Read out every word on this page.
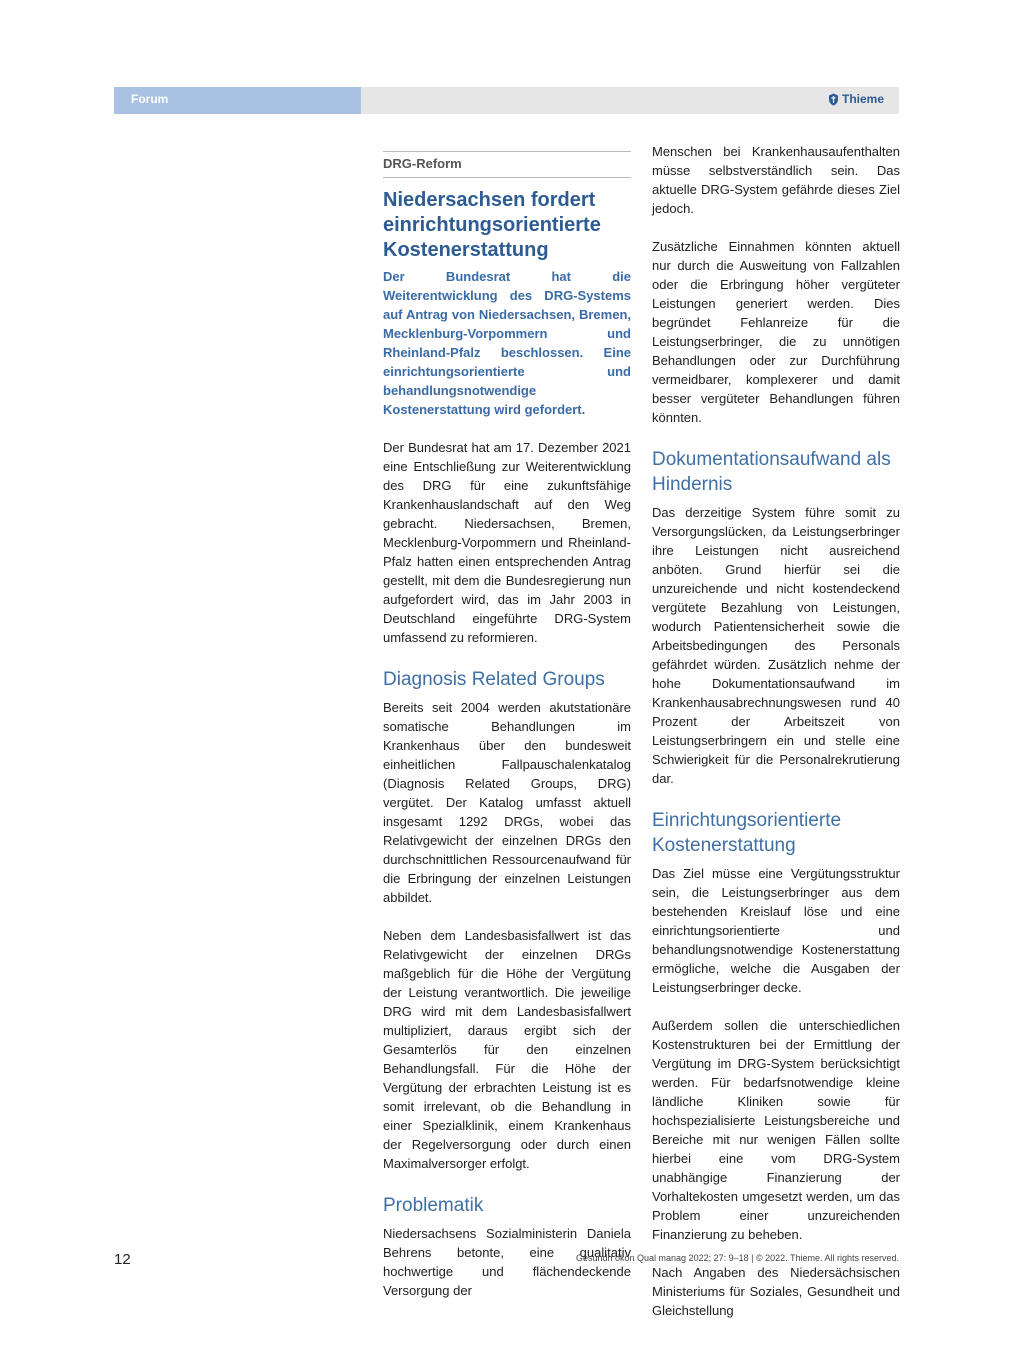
Forum	Thieme
DRG-Reform
Niedersachsen fordert einrichtungsorientierte Kostenerstattung

Der Bundesrat hat die Weiterentwicklung des DRG-Systems auf Antrag von Niedersachsen, Bremen, Mecklenburg-Vorpommern und Rheinland-Pfalz beschlossen. Eine einrichtungsorientierte und behandlungsnotwendige Kostenerstattung wird gefordert.

Der Bundesrat hat am 17. Dezember 2021 eine Entschließung zur Weiterentwicklung des DRG für eine zukunftsfähige Krankenhauslandschaft auf den Weg gebracht. Niedersachsen, Bremen, Mecklenburg-Vorpommern und Rheinland-Pfalz hatten einen entsprechenden Antrag gestellt, mit dem die Bundesregierung nun aufgefordert wird, das im Jahr 2003 in Deutschland eingeführte DRG-System umfassend zu reformieren.

Diagnosis Related Groups

Bereits seit 2004 werden akutstationäre somatische Behandlungen im Krankenhaus über den bundesweit einheitlichen Fallpauschalenkatalog (Diagnosis Related Groups, DRG) vergütet. Der Katalog umfasst aktuell insgesamt 1292 DRGs, wobei das Relativgewicht der einzelnen DRGs den durchschnittlichen Ressourcenaufwand für die Erbringung der einzelnen Leistungen abbildet.

Neben dem Landesbasisfallwert ist das Relativgewicht der einzelnen DRGs maßgeblich für die Höhe der Vergütung der Leistung verantwortlich. Die jeweilige DRG wird mit dem Landesbasisfallwert multipliziert, daraus ergibt sich der Gesamterlös für den einzelnen Behandlungsfall. Für die Höhe der Vergütung der erbrachten Leistung ist es somit irrelevant, ob die Behandlung in einer Spezialklinik, einem Krankenhaus der Regelversorgung oder durch einen Maximalversorger erfolgt.

Problematik

Niedersachsens Sozialministerin Daniela Behrens betonte, eine qualitativ hochwertige und flächendeckende Versorgung der

Menschen bei Krankenhausaufenthalten müsse selbstverständlich sein. Das aktuelle DRG-System gefährde dieses Ziel jedoch.

Zusätzliche Einnahmen könnten aktuell nur durch die Ausweitung von Fallzahlen oder die Erbringung höher vergüteter Leistungen generiert werden. Dies begründet Fehlanreize für die Leistungserbringer, die zu unnötigen Behandlungen oder zur Durchführung vermeidbarer, komplexerer und damit besser vergüteter Behandlungen führen könnten.

Dokumentationsaufwand als Hindernis

Das derzeitige System führe somit zu Versorgungslücken, da Leistungserbringer ihre Leistungen nicht ausreichend anböten. Grund hierfür sei die unzureichende und nicht kostendeckend vergütete Bezahlung von Leistungen, wodurch Patientensicherheit sowie die Arbeitsbedingungen des Personals gefährdet würden. Zusätzlich nehme der hohe Dokumentationsaufwand im Krankenhausabrechnungswesen rund 40 Prozent der Arbeitszeit von Leistungserbringern ein und stelle eine Schwierigkeit für die Personalrekrutierung dar.

Einrichtungsorientierte Kostenerstattung

Das Ziel müsse eine Vergütungsstruktur sein, die Leistungserbringer aus dem bestehenden Kreislauf löse und eine einrichtungsorientierte und behandlungsnotwendige Kostenerstattung ermögliche, welche die Ausgaben der Leistungserbringer decke.

Außerdem sollen die unterschiedlichen Kostenstrukturen bei der Ermittlung der Vergütung im DRG-System berücksichtigt werden. Für bedarfsnotwendige kleine ländliche Kliniken sowie für hochspezialisierte Leistungsbereiche und Bereiche mit nur wenigen Fällen sollte hierbei eine vom DRG-System unabhängige Finanzierung der Vorhaltekosten umgesetzt werden, um das Problem einer unzureichenden Finanzierung zu beheben.

Nach Angaben des Niedersächsischen Ministeriums für Soziales, Gesundheit und Gleichstellung

12	Gesundh ökon Qual manag 2022; 27: 9–18 | © 2022. Thieme. All rights reserved.
